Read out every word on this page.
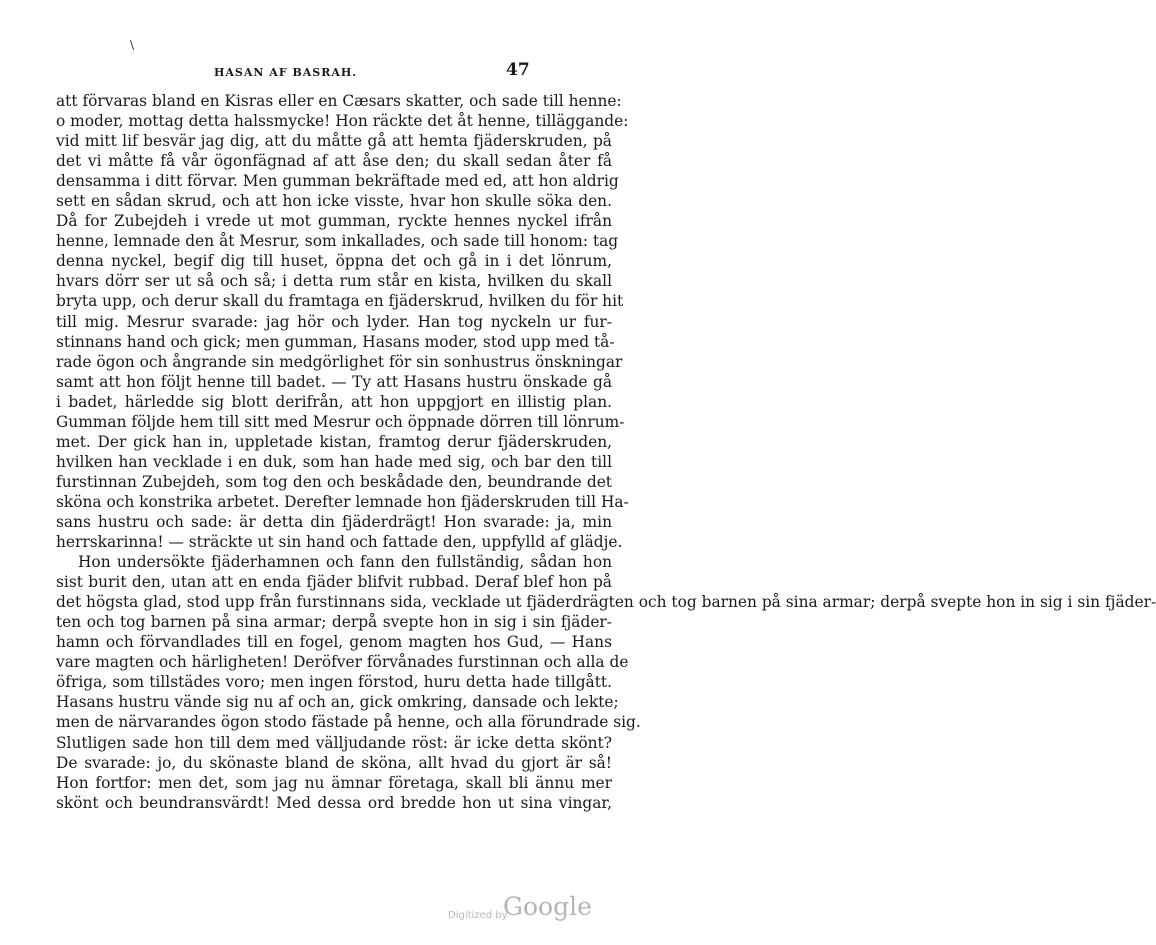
\
HASAN AF BASRAH.	47
att förvaras bland en Kisras eller en Cæsars skatter, och sade till henne:
o moder, mottag detta halssmycke! Hon räckte det åt henne, tilläggande:
vid mitt lif besvär jag dig, att du måtte gå att hemta fjäderskruden, på
det vi måtte få vår ögonfägnad af att åse den; du skall sedan åter få
densamma i ditt förvar. Men gumman bekräftade med ed, att hon aldrig
sett en sådan skrud, och att hon icke visste, hvar hon skulle söka den.
Då for Zubejdeh i vrede ut mot gumman, ryckte hennes nyckel ifrån
henne, lemnade den åt Mesrur, som inkallades, och sade till honom: tag
denna nyckel, begif dig till huset, öppna det och gå in i det lönrum,
hvars dörr ser ut så och så; i detta rum står en kista, hvilken du skall
bryta upp, och derur skall du framtaga en fjäderskrud, hvilken du för hit
till mig. Mesrur svarade: jag hör och lyder. Han tog nyckeln ur fur-
stinnans hand och gick; men gumman, Hasans moder, stod upp med tå-
rade ögon och ångrande sin medgörlighet för sin sonhustrus önskningar
samt att hon följt henne till badet. — Ty att Hasans hustru önskade gå
i badet, härledde sig blott derifrån, att hon uppgjort en illistig plan.
Gumman följde hem till sitt med Mesrur och öppnade dörren till lönrum-
met. Der gick han in, uppletade kistan, framtog derur fjäderskruden,
hvilken han vecklade i en duk, som han hade med sig, och bar den till
furstinnan Zubejdeh, som tog den och beskådade den, beundrande det
sköna och konstrika arbetet. Derefter lemnade hon fjäderskruden till Ha-
sans hustru och sade: är detta din fjäderdrägt! Hon svarade: ja, min
herrskarinna! — sträckte ut sin hand och fattade den, uppfylld af glädje.
Hon undersökte fjäderhamnen och fann den fullständig, sådan hon
sist burit den, utan att en enda fjäder blifvit rubbad. Deraf blef hon på
det högsta glad, stod upp från furstinnans sida, vecklade ut fjäderdrägten och tog barnen på sina armar; derpå svepte hon in sig i sin fjäder-
ten och tog barnen på sina armar; derpå svepte hon in sig i sin fjäder-
hamn och förvandlades till en fogel, genom magten hos Gud, — Hans
vare magten och härligheten! Deröfver förvånades furstinnan och alla de
öfriga, som tillstädes voro; men ingen förstod, huru detta hade tillgått.
Hasans hustru vände sig nu af och an, gick omkring, dansade och lekte;
men de närvarandes ögon stodo fästade på henne, och alla förundrade sig.
Slutligen sade hon till dem med välljudande röst: är icke detta skönt?
De svarade: jo, du skönaste bland de sköna, allt hvad du gjort är så!
Hon fortfor: men det, som jag nu ämnar företaga, skall bli ännu mer
skönt och beundransvärdt! Med dessa ord bredde hon ut sina vingar,
Digitized by
Google
